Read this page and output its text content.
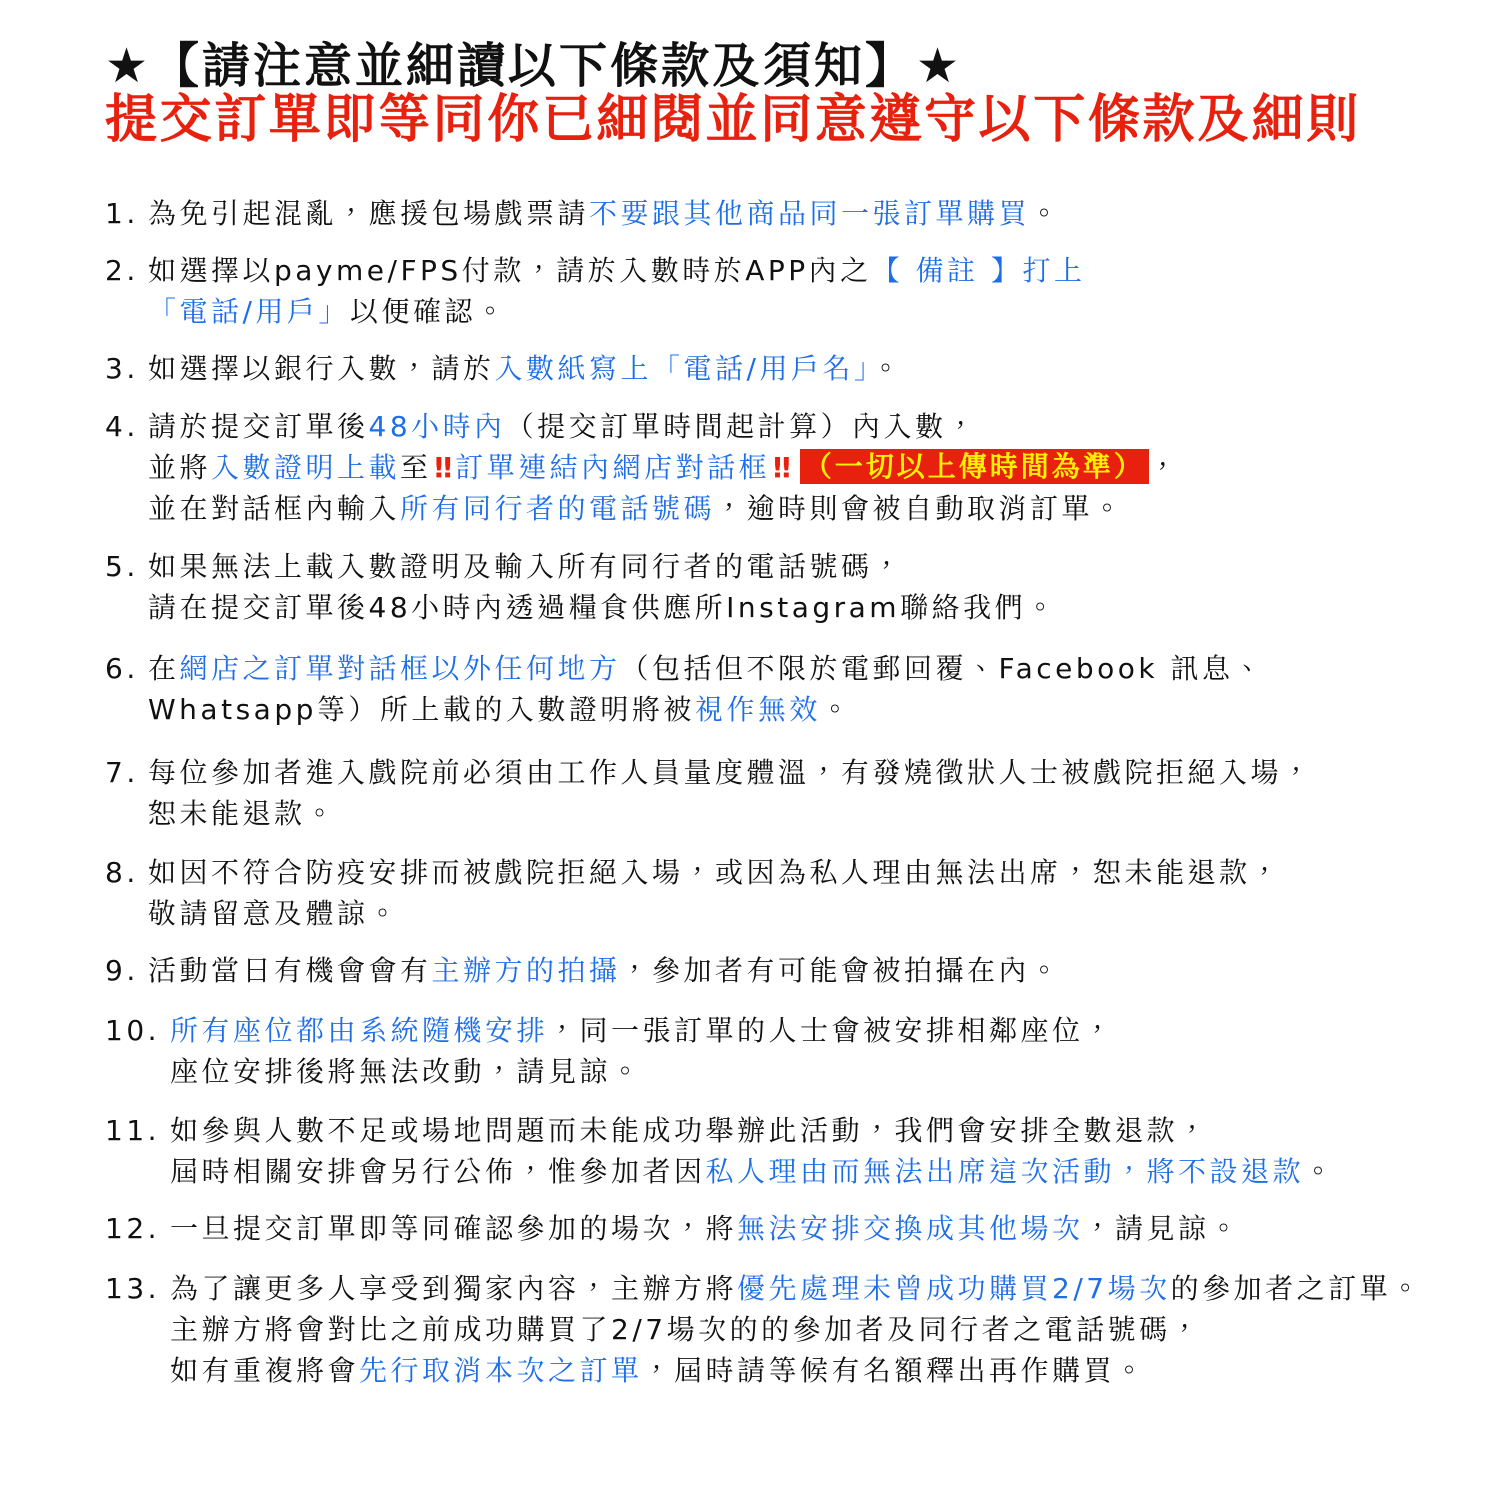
★【請注意並細讀以下條款及須知】★
提交訂單即等同你已細閱並同意遵守以下條款及細則
1. 為免引起混亂，應援包場戲票請不要跟其他商品同一張訂單購買。
2. 如選擇以payme/FPS付款，請於入數時於APP內之【 備註 】打上
「電話/用戶」以便確認。
3. 如選擇以銀行入數，請於入數紙寫上「電話/用戶名」。
4. 請於提交訂單後48小時內（提交訂單時間起計算）內入數，
並將入數證明上載至 ‼ 訂單連結內網店對話框 ‼ （一切以上傳時間為準） ，
並在對話框內輸入所有同行者的電話號碼，逾時則會被自動取消訂單。
5. 如果無法上載入數證明及輸入所有同行者的電話號碼，
請在提交訂單後48小時內透過糧食供應所Instagram聯絡我們。
6. 在網店之訂單對話框以外任何地方（包括但不限於電郵回覆、Facebook 訊息、
Whatsapp等）所上載的入數證明將被視作無效。
7. 每位參加者進入戲院前必須由工作人員量度體溫，有發燒徵狀人士被戲院拒絕入場，
恕未能退款。
8. 如因不符合防疫安排而被戲院拒絕入場，或因為私人理由無法出席，恕未能退款，
敬請留意及體諒。
9. 活動當日有機會會有主辦方的拍攝，參加者有可能會被拍攝在內。
10. 所有座位都由系統隨機安排，同一張訂單的人士會被安排相鄰座位，
座位安排後將無法改動，請見諒。
11. 如參與人數不足或場地問題而未能成功舉辦此活動，我們會安排全數退款，
屆時相關安排會另行公佈，惟參加者因私人理由而無法出席這次活動，將不設退款。
12. 一旦提交訂單即等同確認參加的場次，將無法安排交換成其他場次，請見諒。
13. 為了讓更多人享受到獨家內容，主辦方將優先處理未曾成功購買2/7場次的參加者之訂單。
主辦方將會對比之前成功購買了2/7場次的的參加者及同行者之電話號碼，
如有重複將會先行取消本次之訂單，屆時請等候有名額釋出再作購買。
